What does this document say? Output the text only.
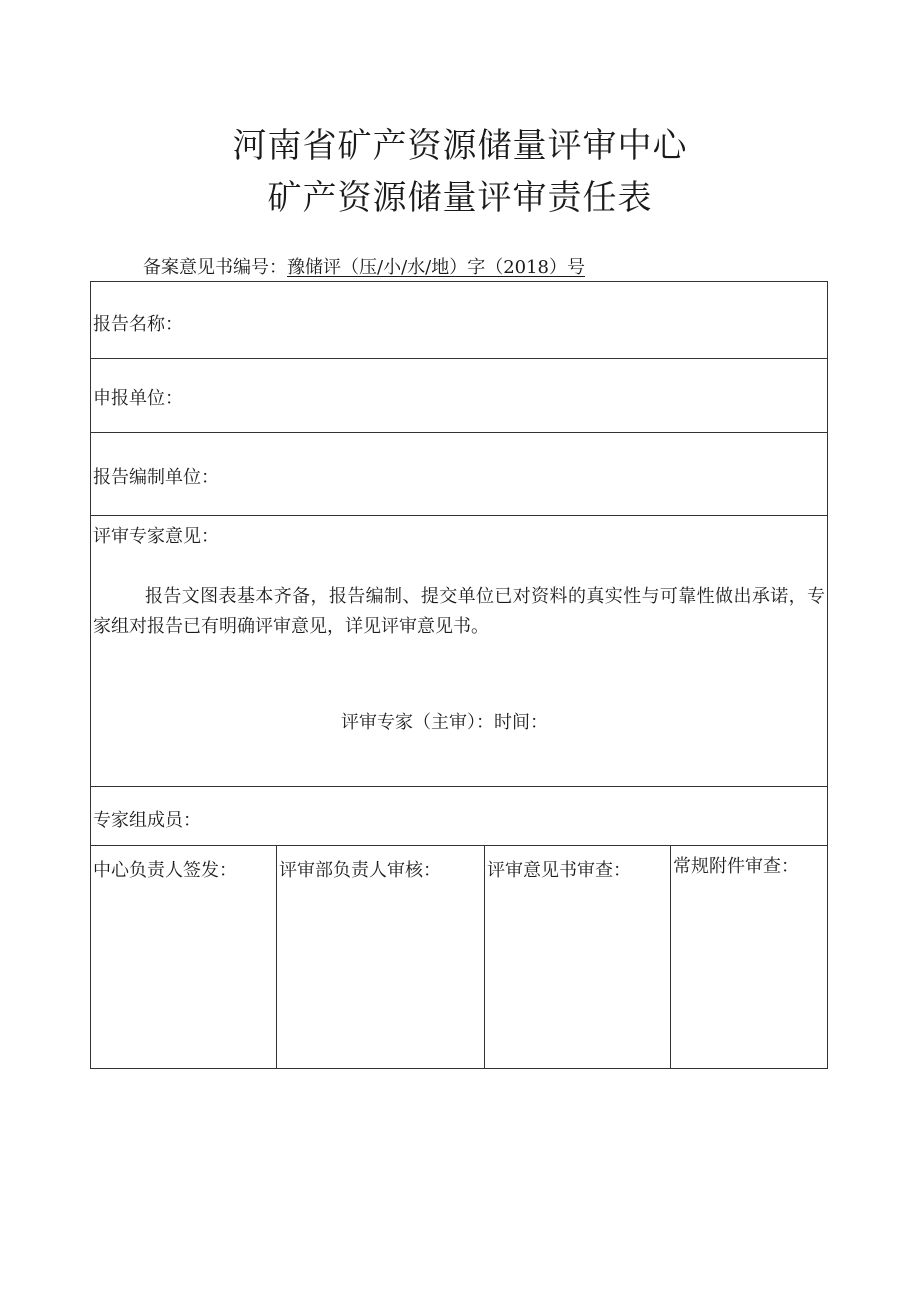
河南省矿产资源储量评审中心
矿产资源储量评审责任表
备案意见书编号：豫储评（压/小/水/地）字（2018）号
报告名称：
申报单位：
报告编制单位：
评审专家意见：

报告文图表基本齐备，报告编制、提交单位已对资料的真实性与可靠性做出承诺，专家组对报告已有明确评审意见，详见评审意见书。

评审专家（主审）：时间：
专家组成员：
中心负责人签发： 评审部负责人审核：	评审意见书审查： 常规附件审查：
